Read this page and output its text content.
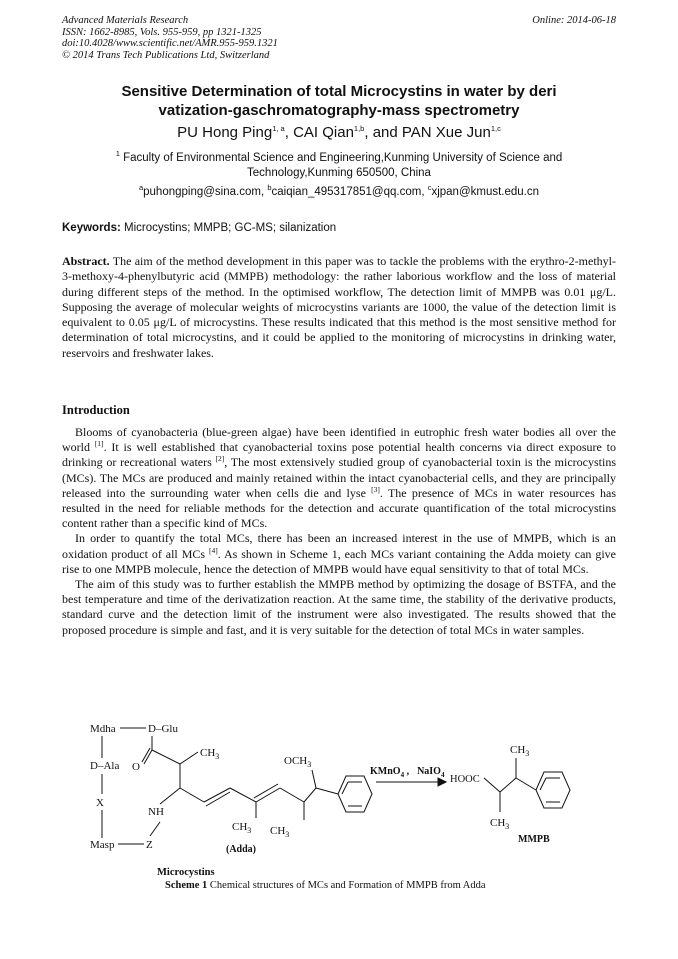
Advanced Materials Research
ISSN: 1662-8985, Vols. 955-959, pp 1321-1325
doi:10.4028/www.scientific.net/AMR.955-959.1321
© 2014 Trans Tech Publications Ltd, Switzerland
Online: 2014-06-18
Sensitive Determination of total Microcystins in water by deri
vatization-gaschromatography-mass spectrometry
PU Hong Ping$^{1, a}$, CAI Qian$^{1,b}$, and PAN Xue Jun$^{1,c}$
$^1$ Faculty of Environmental Science and Engineering,Kunming University of Science and
Technology,Kunming 650500, China
$^a$puhongping@sina.com, $^b$caiqian_495317851@qq.com, $^c$xjpan@kmust.edu.cn
Keywords: Microcystins; MMPB; GC-MS; silanization

Abstract. The aim of the method development in this paper was to tackle the problems with the erythro-2-methyl-3-methoxy-4-phenylbutyric acid (MMPB) methodology: the rather laborious workflow and the loss of material during different steps of the method. In the optimised workflow, The detection limit of MMPB was 0.01 μg/L. Supposing the average of molecular weights of microcystins variants are 1000, the value of the detection limit is equivalent to 0.05 μg/L of microcystins. These results indicated that this method is the most sensitive method for determination of total microcystins, and it could be applied to the monitoring of microcystins in drinking water, reservoirs and freshwater lakes.

Introduction

Blooms of cyanobacteria (blue-green algae) have been identified in eutrophic fresh water bodies all over the world [1]. It is well established that cyanobacterial toxins pose potential health concerns via direct exposure to drinking or recreational waters [2], The most extensively studied group of cyanobacterial toxin is the microcystins (MCs). The MCs are produced and mainly retained within the intact cyanobacterial cells, and they are principally released into the surrounding water when cells die and lyse [3]. The presence of MCs in water resources has resulted in the need for reliable methods for the detection and accurate quantification of the total microcystins content rather than a specific kind of MCs.

In order to quantify the total MCs, there has been an increased interest in the use of MMPB, which is an oxidation product of all MCs [4]. As shown in Scheme 1, each MCs variant containing the Adda moiety can give rise to one MMPB molecule, hence the detection of MMPB would have equal sensitivity to that of total MCs.

The aim of this study was to further establish the MMPB method by optimizing the dosage of BSTFA, and the best temperature and time of the derivatization reaction. At the same time, the stability of the derivative products, standard curve and the detection limit of the instrument were also investigated. The results showed that the proposed procedure is simple and fast, and it is very suitable for the detection of total MCs in water samples.

Mdha	D–Glu
D–Ala
X
Masp	Z
O
NH
$CH_3$
$CH_3$ $CH_3$
$OCH_3$
(Adda)
KMnO$_4$ , NaIO$_4$ HOOC
$CH_3$
$CH_3$
MMPB
Microcystins
Scheme 1 Chemical structures of MCs and Formation of MMPB from Adda
